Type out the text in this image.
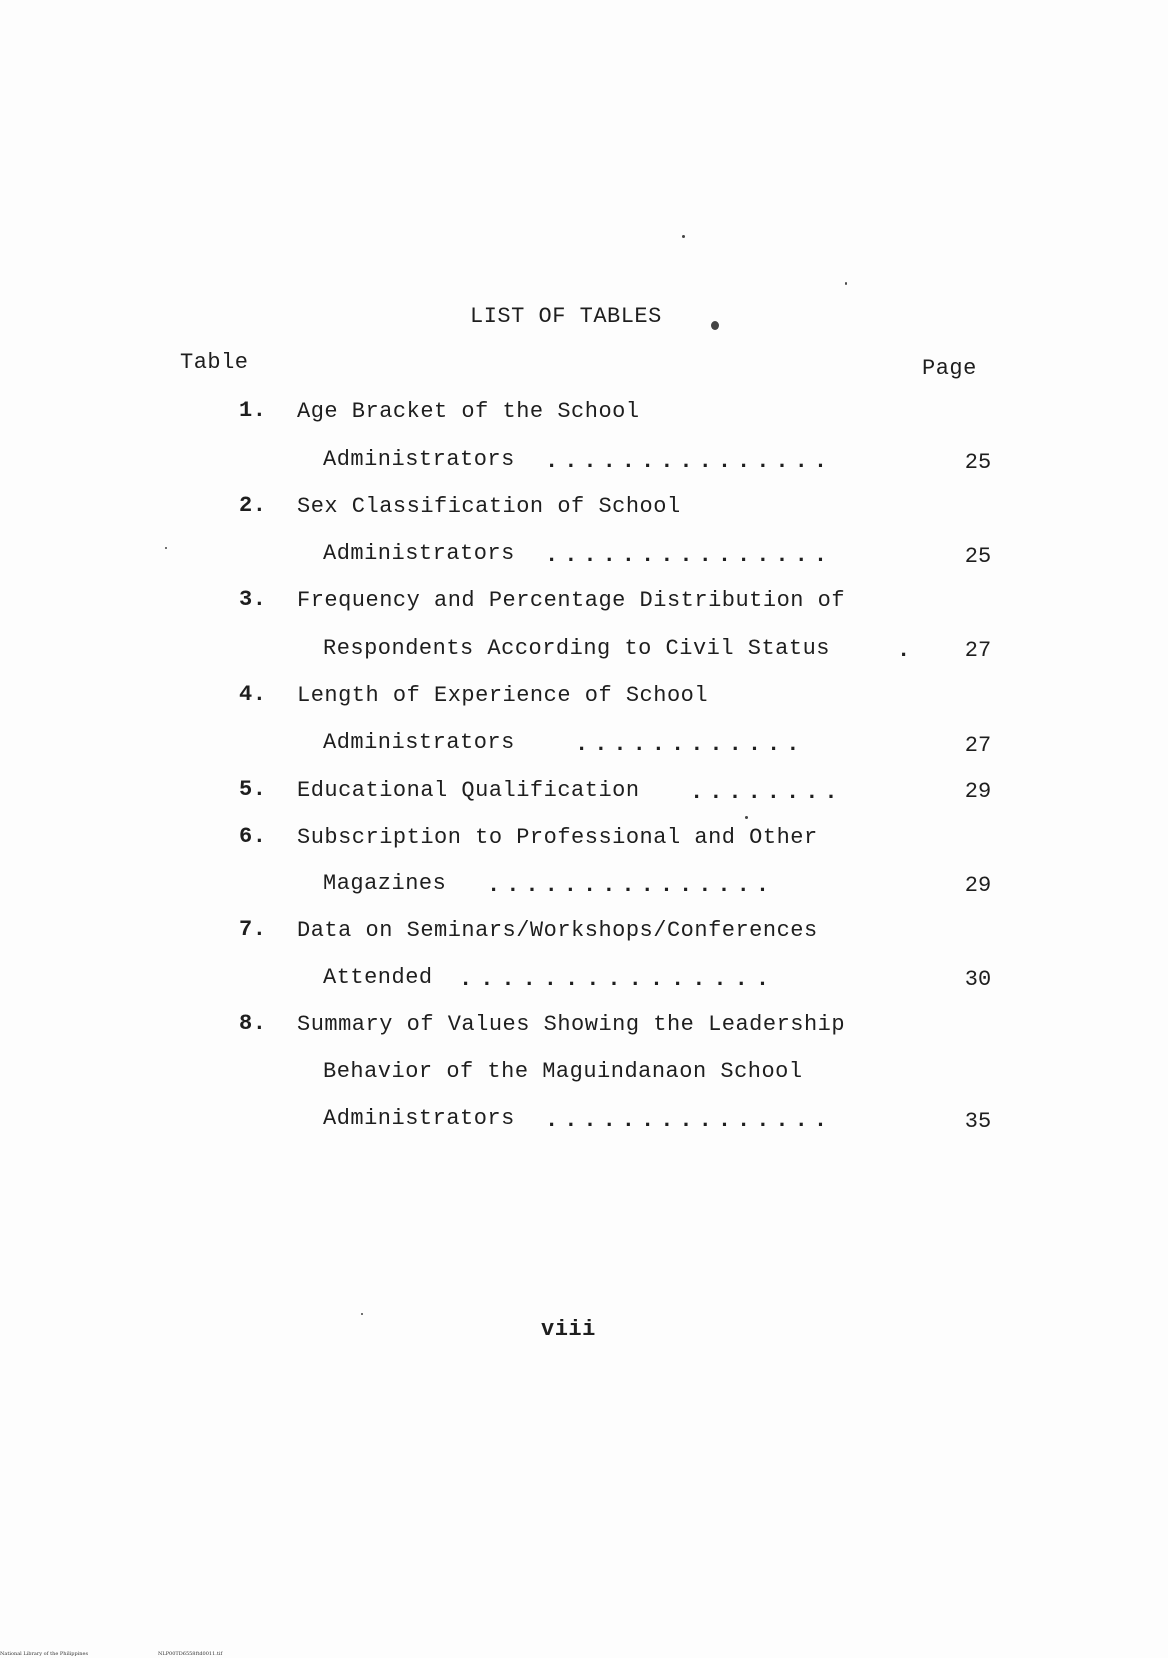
LIST OF TABLES
Table	Page
1. Age Bracket of the School
Administrators ...............	25
2. Sex Classification of School
Administrators ...............	25
3. Frequency and Percentage Distribution of
Respondents According to Civil Status	.	27
4. Length of Experience of School
Administrators	............	27
5. Educational Qualification ........	29
6. Subscription to Professional and Other
Magazines ...............	29
7. Data on Seminars/Workshops/Conferences
Attended ...............	30
8. Summary of Values Showing the Leadership
Behavior of the Maguindanaon School
Administrators ...............	35
viii
National Library of the Philippines	NLP00TD6558ftd0011.tif
